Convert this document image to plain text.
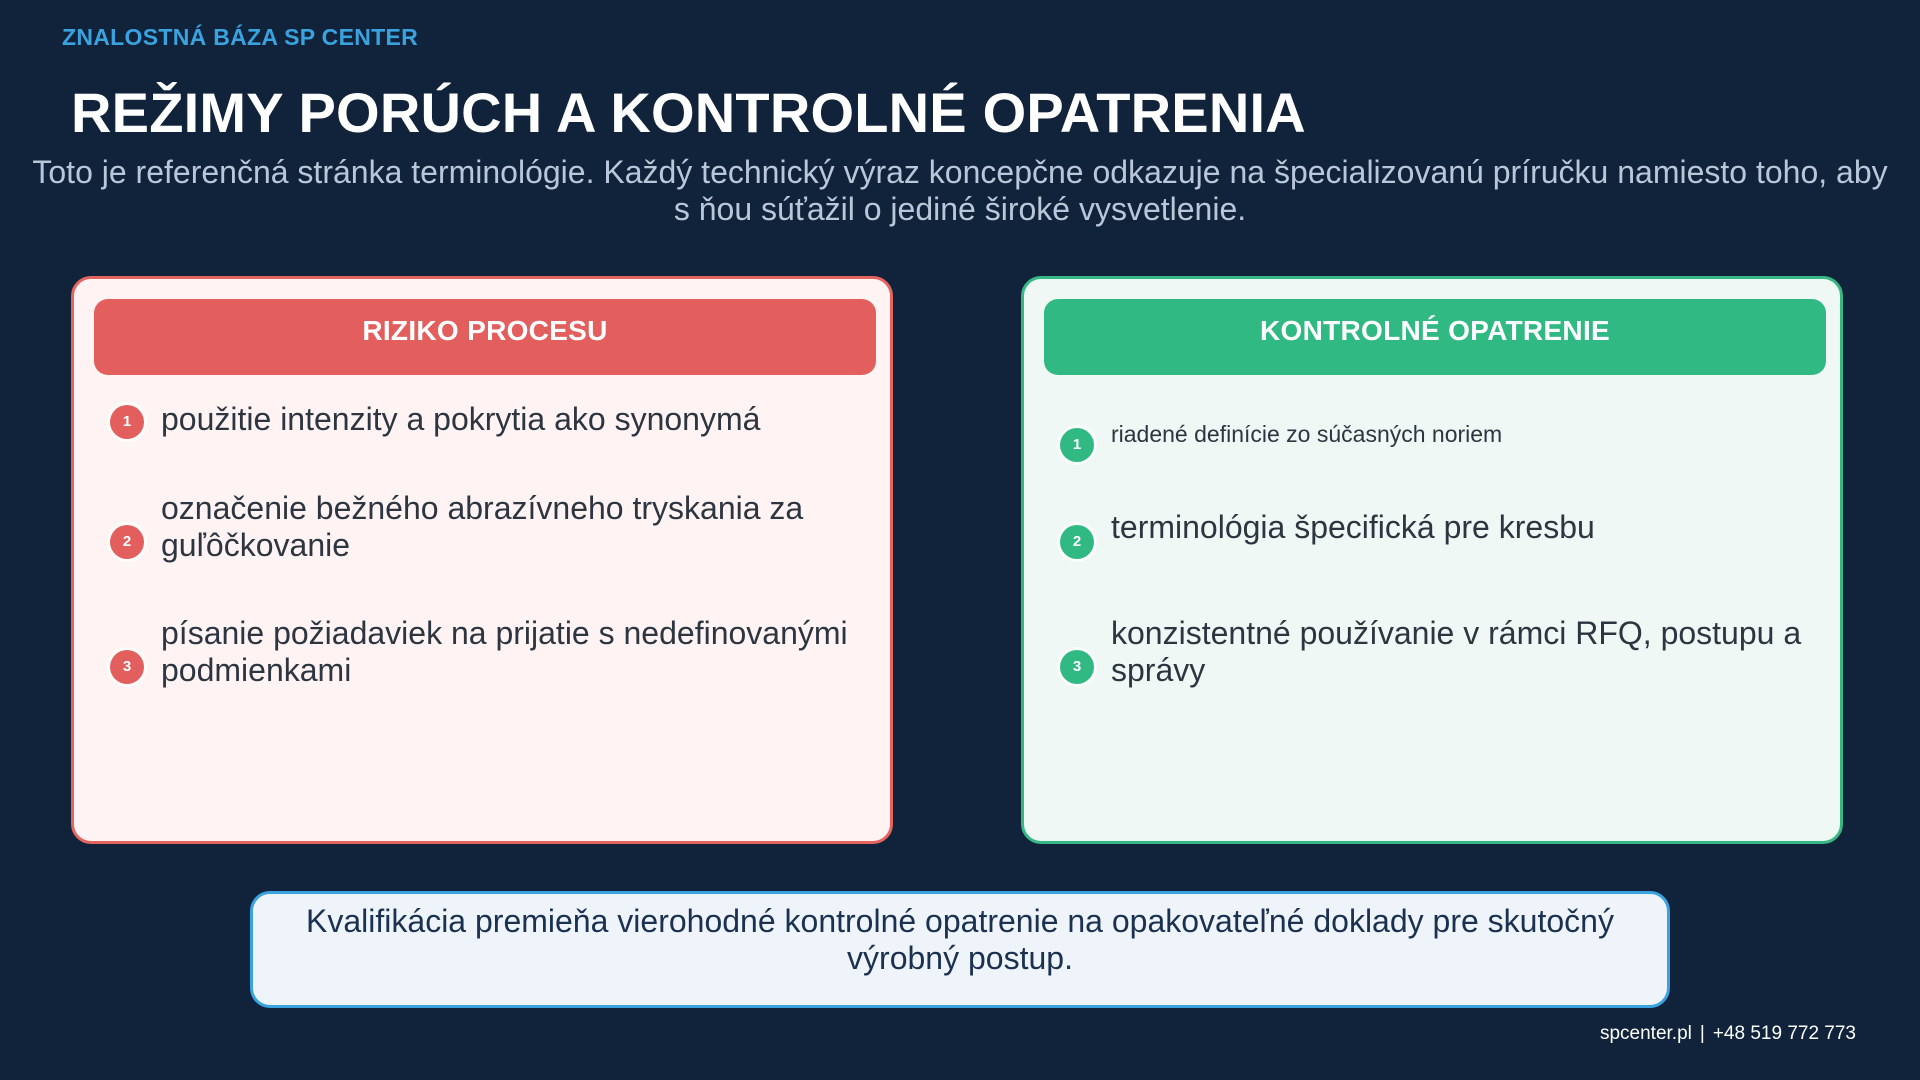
ZNALOSTNÁ BÁZA SP CENTER
REŽIMY PORÚCH A KONTROLNÉ OPATRENIA
Toto je referenčná stránka terminológie. Každý technický výraz koncepčne odkazuje na špecializovanú príručku namiesto toho, aby s ňou súťažil o jediné široké vysvetlenie.
RIZIKO PROCESU
1 použitie intenzity a pokrytia ako synonymá
2
označenie bežného abrazívneho tryskania za guľôčkovanie
3
písanie požiadaviek na prijatie s nedefinovanými podmienkami
KONTROLNÉ OPATRENIE
1	riadené definície zo súčasných noriem
2 terminológia špecifická pre kresbu
3
konzistentné používanie v rámci RFQ, postupu a správy
Kvalifikácia premieňa vierohodné kontrolné opatrenie na opakovateľné doklady pre skutočný výrobný postup.
spcenter.pl | +48 519 772 773
